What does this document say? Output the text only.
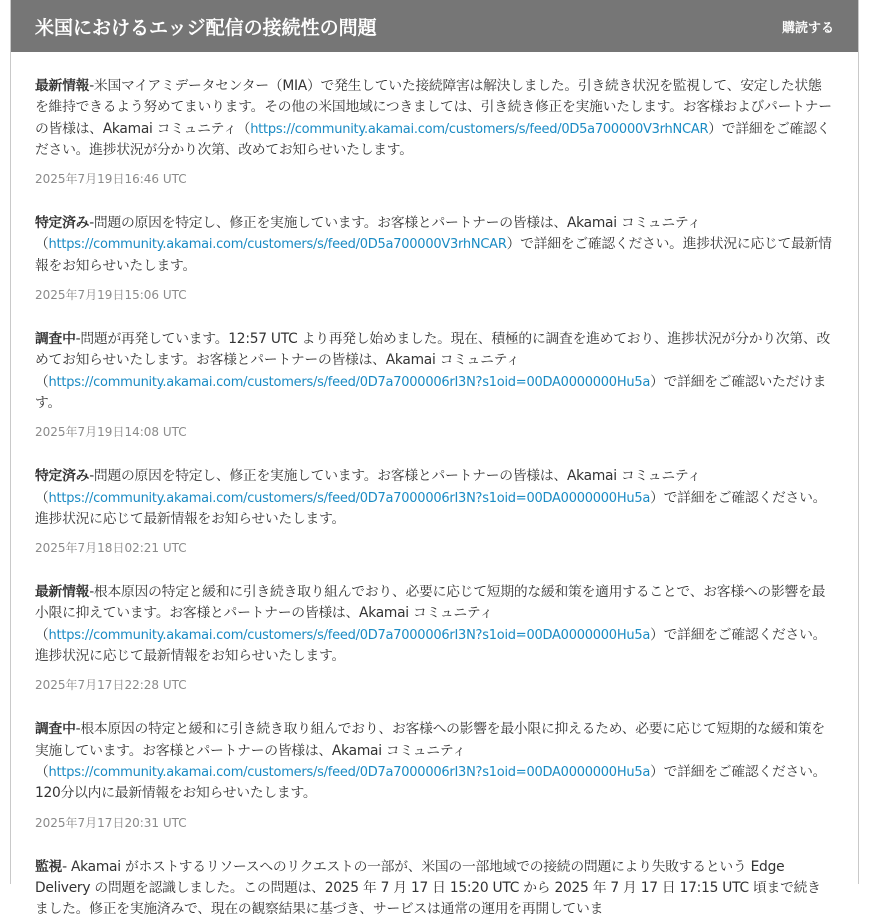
米国におけるエッジ配信の接続性の問題	購読する

最新情報-米国マイアミデータセンター（MIA）で発生していた接続障害は解決しました。引き続き状況を監視して、安定した状態を維持できるよう努めてまいります。その他の米国地域につきましては、引き続き修正を実施いたします。お客様およびパートナーの皆様は、Akamai コミュニティ（https://community.akamai.com/customers/s/feed/0D5a700000V3rhNCAR）で詳細をご確認ください。進捗状況が分かり次第、改めてお知らせいたします。

2025年7月19日16:46 UTC

特定済み-問題の原因を特定し、修正を実施しています。お客様とパートナーの皆様は、Akamai コミュニティ（https://community.akamai.com/customers/s/feed/0D5a700000V3rhNCAR）で詳細をご確認ください。進捗状況に応じて最新情報をお知らせいたします。

2025年7月19日15:06 UTC

調査中-問題が再発しています。12:57 UTC より再発し始めました。現在、積極的に調査を進めており、進捗状況が分かり次第、改めてお知らせいたします。お客様とパートナーの皆様は、Akamai コミュニティ（https://community.akamai.com/customers/s/feed/0D7a7000006rI3N?s1oid=00DA0000000Hu5a）で詳細をご確認いただけます。

2025年7月19日14:08 UTC

特定済み-問題の原因を特定し、修正を実施しています。お客様とパートナーの皆様は、Akamai コミュニティ（https://community.akamai.com/customers/s/feed/0D7a7000006rI3N?s1oid=00DA0000000Hu5a）で詳細をご確認ください。進捗状況に応じて最新情報をお知らせいたします。

2025年7月18日02:21 UTC

最新情報-根本原因の特定と緩和に引き続き取り組んでおり、必要に応じて短期的な緩和策を適用することで、お客様への影響を最小限に抑えています。お客様とパートナーの皆様は、Akamai コミュニティ（https://community.akamai.com/customers/s/feed/0D7a7000006rI3N?s1oid=00DA0000000Hu5a）で詳細をご確認ください。進捗状況に応じて最新情報をお知らせいたします。

2025年7月17日22:28 UTC

調査中-根本原因の特定と緩和に引き続き取り組んでおり、お客様への影響を最小限に抑えるため、必要に応じて短期的な緩和策を実施しています。お客様とパートナーの皆様は、Akamai コミュニティ（https://community.akamai.com/customers/s/feed/0D7a7000006rI3N?s1oid=00DA0000000Hu5a）で詳細をご確認ください。120分以内に最新情報をお知らせいたします。

2025年7月17日20:31 UTC

監視- Akamai がホストするリソースへのリクエストの一部が、米国の一部地域での接続の問題により失敗するという Edge Delivery の問題を認識しました。この問題は、2025 年 7 月 17 日 15:20 UTC から 2025 年 7 月 17 日 17:15 UTC 頃まで続きました。修正を実施済みで、現在の観察結果に基づき、サービスは通常の運用を再開していま
